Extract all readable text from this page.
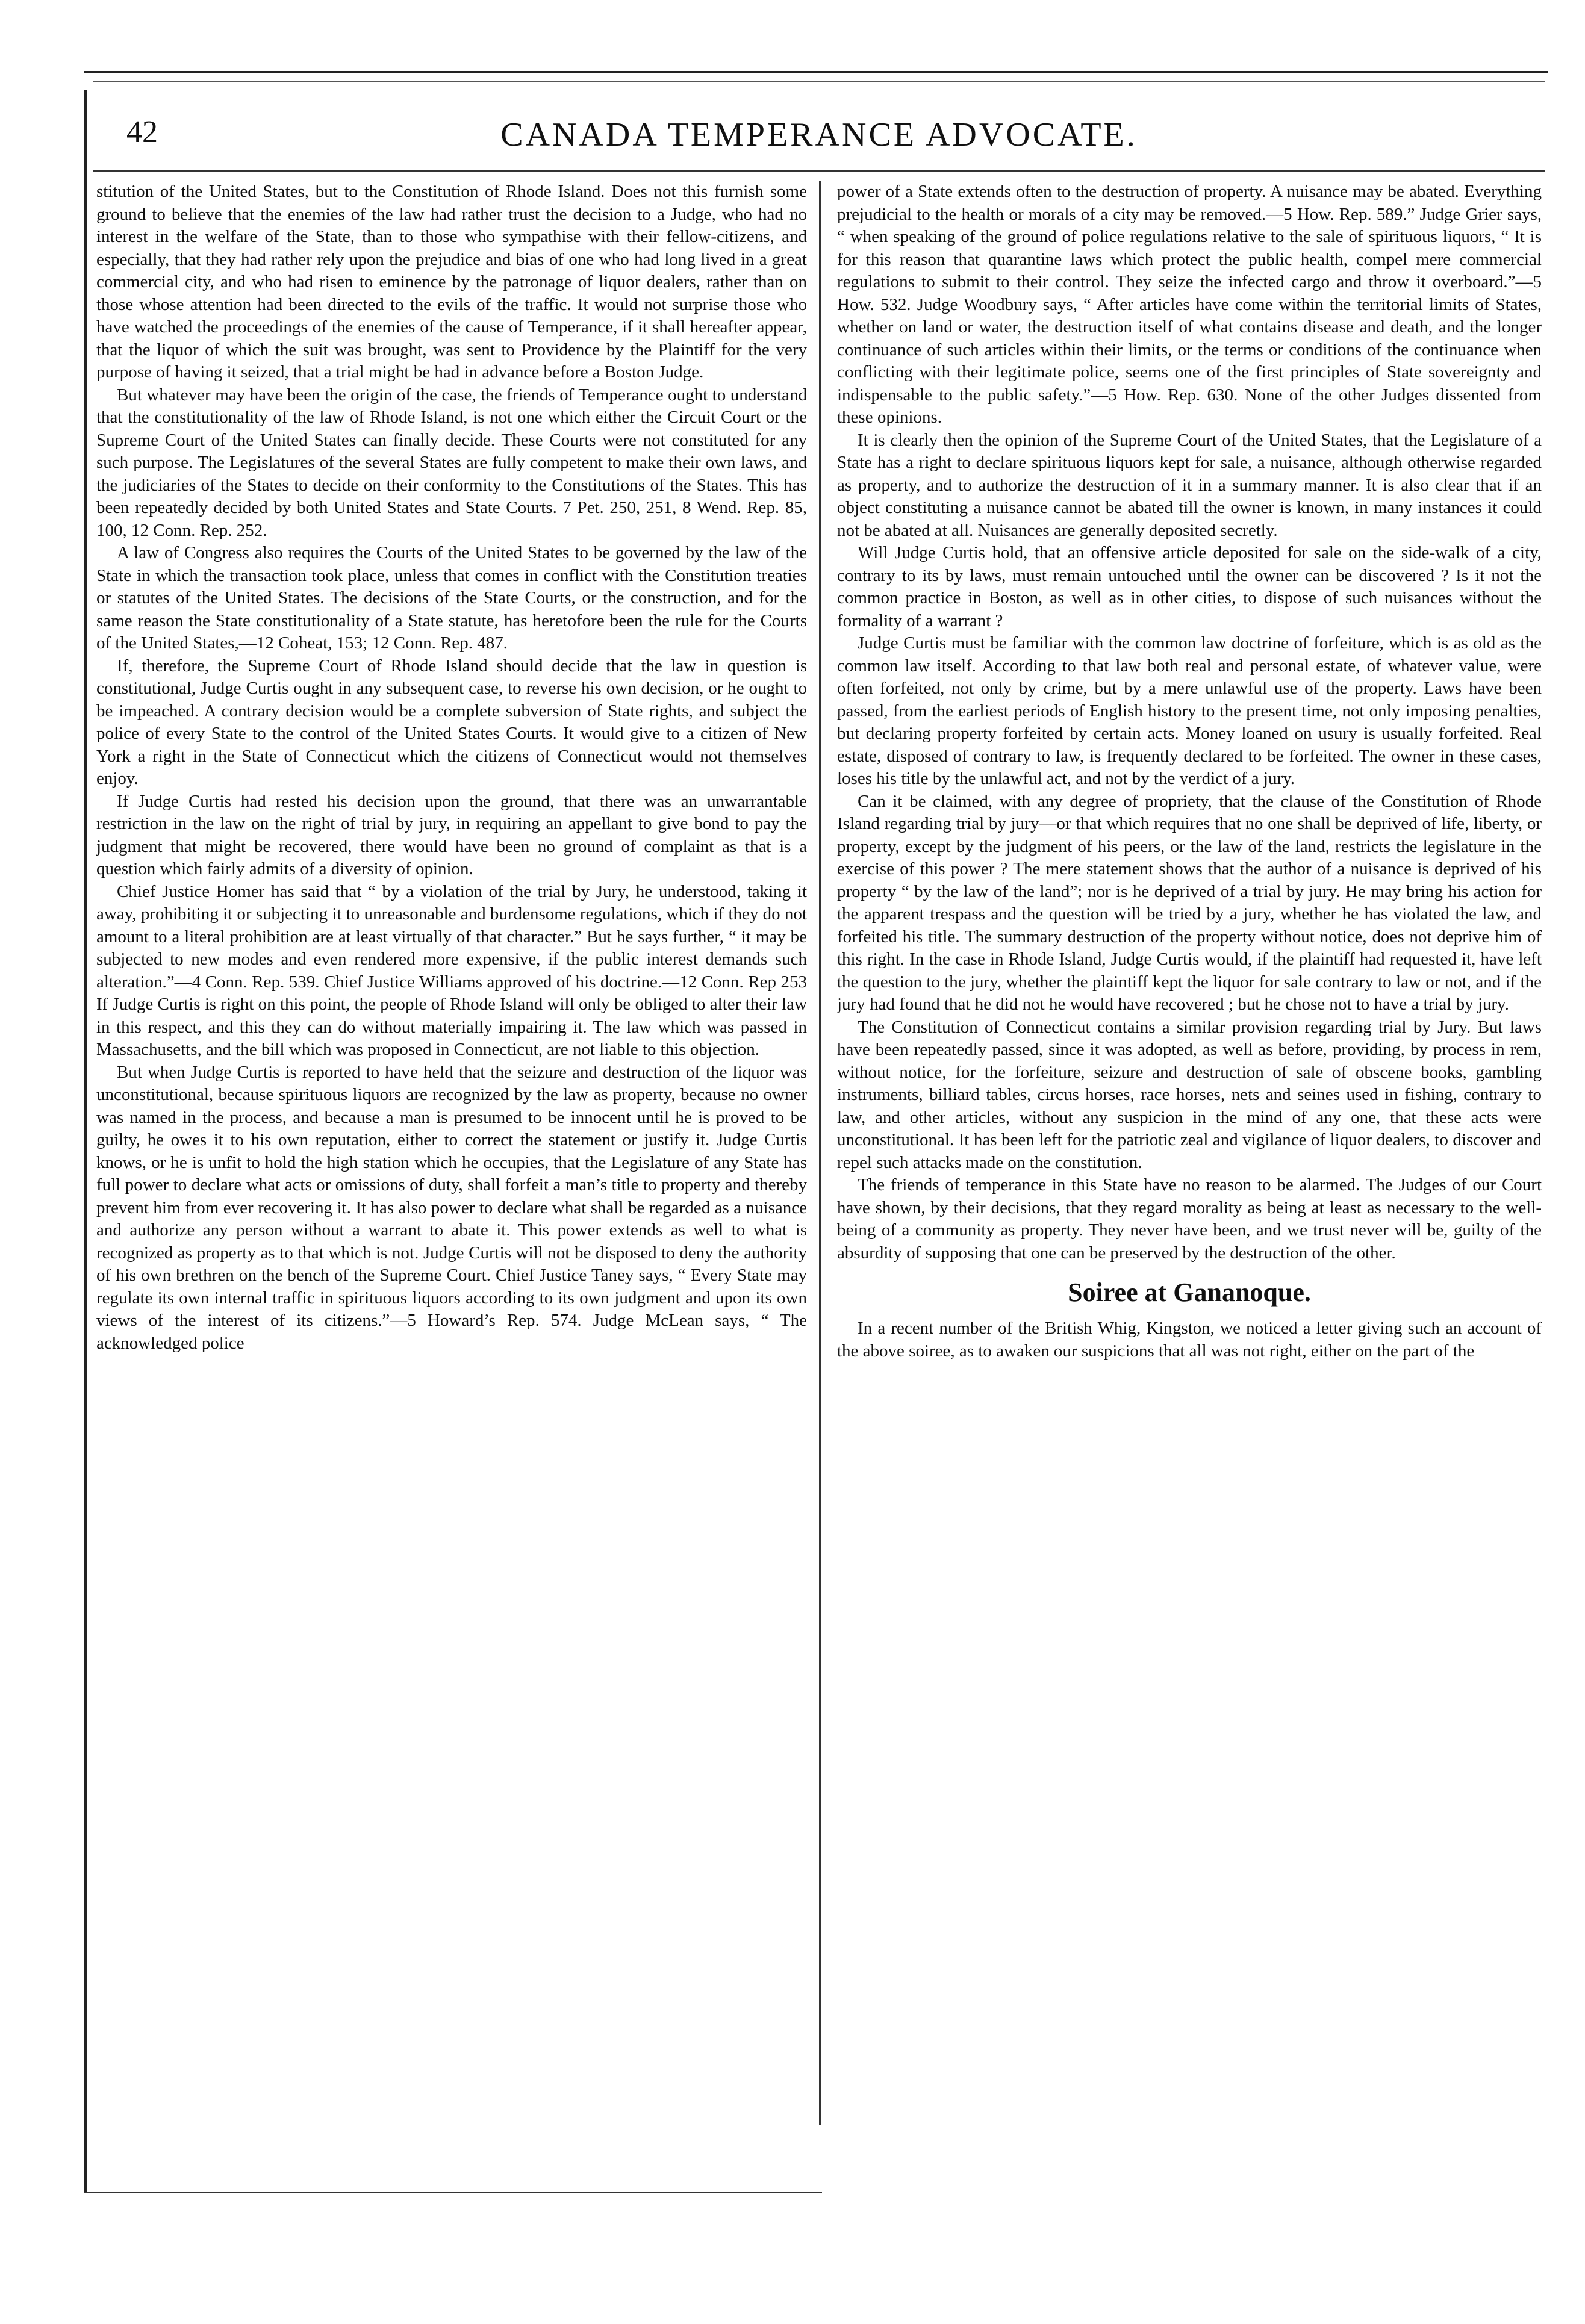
42	CANADA TEMPERANCE ADVOCATE.

stitution of the United States, but to the Constitution of Rhode Island. Does not this furnish some ground to believe that the enemies of the law had rather trust the decision to a Judge, who had no interest in the welfare of the State, than to those who sympathise with their fellow-citizens, and especially, that they had rather rely upon the prejudice and bias of one who had long lived in a great commercial city, and who had risen to eminence by the patronage of liquor dealers, rather than on those whose attention had been directed to the evils of the traffic. It would not surprise those who have watched the proceedings of the enemies of the cause of Temperance, if it shall hereafter appear, that the liquor of which the suit was brought, was sent to Providence by the Plaintiff for the very purpose of having it seized, that a trial might be had in advance before a Boston Judge.

But whatever may have been the origin of the case, the friends of Temperance ought to understand that the constitutionality of the law of Rhode Island, is not one which either the Circuit Court or the Supreme Court of the United States can finally decide. These Courts were not constituted for any such purpose. The Legislatures of the several States are fully competent to make their own laws, and the judiciaries of the States to decide on their conformity to the Constitutions of the States. This has been repeatedly decided by both United States and State Courts. 7 Pet. 250, 251, 8 Wend. Rep. 85, 100, 12 Conn. Rep. 252.

A law of Congress also requires the Courts of the United States to be governed by the law of the State in which the transaction took place, unless that comes in conflict with the Constitution treaties or statutes of the United States. The decisions of the State Courts, or the construction, and for the same reason the State constitutionality of a State statute, has heretofore been the rule for the Courts of the United States,—12 Coheat, 153; 12 Conn. Rep. 487.

If, therefore, the Supreme Court of Rhode Island should decide that the law in question is constitutional, Judge Curtis ought in any subsequent case, to reverse his own decision, or he ought to be impeached. A contrary decision would be a complete subversion of State rights, and subject the police of every State to the control of the United States Courts. It would give to a citizen of New York a right in the State of Connecticut which the citizens of Connecticut would not themselves enjoy.

If Judge Curtis had rested his decision upon the ground, that there was an unwarrantable restriction in the law on the right of trial by jury, in requiring an appellant to give bond to pay the judgment that might be recovered, there would have been no ground of complaint as that is a question which fairly admits of a diversity of opinion.

Chief Justice Homer has said that “ by a violation of the trial by Jury, he understood, taking it away, prohibiting it or subjecting it to unreasonable and burdensome regulations, which if they do not amount to a literal prohibition are at least virtually of that character.” But he says further, “ it may be subjected to new modes and even rendered more expensive, if the public interest demands such alteration.”—4 Conn. Rep. 539. Chief Justice Williams approved of his doctrine.—12 Conn. Rep 253 If Judge Curtis is right on this point, the people of Rhode Island will only be obliged to alter their law in this respect, and this they can do without materially impairing it. The law which was passed in Massachusetts, and the bill which was proposed in Connecticut, are not liable to this objection.

But when Judge Curtis is reported to have held that the seizure and destruction of the liquor was unconstitutional, because spirituous liquors are recognized by the law as property, because no owner was named in the process, and because a man is presumed to be innocent until he is proved to be guilty, he owes it to his own reputation, either to correct the statement or justify it. Judge Curtis knows, or he is unfit to hold the high station which he occupies, that the Legislature of any State has full power to declare what acts or omissions of duty, shall forfeit a man’s title to property and thereby prevent him from ever recovering it. It has also power to declare what shall be regarded as a nuisance and authorize any person without a warrant to abate it. This power extends as well to what is recognized as property as to that which is not. Judge Curtis will not be disposed to deny the authority of his own brethren on the bench of the Supreme Court. Chief Justice Taney says, “ Every State may regulate its own internal traffic in spirituous liquors according to its own judgment and upon its own views of the interest of its citizens.”—5 Howard’s Rep. 574. Judge McLean says, “ The acknowledged police

power of a State extends often to the destruction of property. A nuisance may be abated. Everything prejudicial to the health or morals of a city may be removed.—5 How. Rep. 589.” Judge Grier says, “ when speaking of the ground of police regulations relative to the sale of spirituous liquors, “ It is for this reason that quarantine laws which protect the public health, compel mere commercial regulations to submit to their control. They seize the infected cargo and throw it overboard.”—5 How. 532. Judge Woodbury says, “ After articles have come within the territorial limits of States, whether on land or water, the destruction itself of what contains disease and death, and the longer continuance of such articles within their limits, or the terms or conditions of the continuance when conflicting with their legitimate police, seems one of the first principles of State sovereignty and indispensable to the public safety.”—5 How. Rep. 630. None of the other Judges dissented from these opinions.

It is clearly then the opinion of the Supreme Court of the United States, that the Legislature of a State has a right to declare spirituous liquors kept for sale, a nuisance, although otherwise regarded as property, and to authorize the destruction of it in a summary manner. It is also clear that if an object constituting a nuisance cannot be abated till the owner is known, in many instances it could not be abated at all. Nuisances are generally deposited secretly.

Will Judge Curtis hold, that an offensive article deposited for sale on the side-walk of a city, contrary to its by laws, must remain untouched until the owner can be discovered ? Is it not the common practice in Boston, as well as in other cities, to dispose of such nuisances without the formality of a warrant ?

Judge Curtis must be familiar with the common law doctrine of forfeiture, which is as old as the common law itself. According to that law both real and personal estate, of whatever value, were often forfeited, not only by crime, but by a mere unlawful use of the property. Laws have been passed, from the earliest periods of English history to the present time, not only imposing penalties, but declaring property forfeited by certain acts. Money loaned on usury is usually forfeited. Real estate, disposed of contrary to law, is frequently declared to be forfeited. The owner in these cases, loses his title by the unlawful act, and not by the verdict of a jury.

Can it be claimed, with any degree of propriety, that the clause of the Constitution of Rhode Island regarding trial by jury—or that which requires that no one shall be deprived of life, liberty, or property, except by the judgment of his peers, or the law of the land, restricts the legislature in the exercise of this power ? The mere statement shows that the author of a nuisance is deprived of his property “ by the law of the land”; nor is he deprived of a trial by jury. He may bring his action for the apparent trespass and the question will be tried by a jury, whether he has violated the law, and forfeited his title. The summary destruction of the property without notice, does not deprive him of this right. In the case in Rhode Island, Judge Curtis would, if the plaintiff had requested it, have left the question to the jury, whether the plaintiff kept the liquor for sale contrary to law or not, and if the jury had found that he did not he would have recovered ; but he chose not to have a trial by jury.

The Constitution of Connecticut contains a similar provision regarding trial by Jury. But laws have been repeatedly passed, since it was adopted, as well as before, providing, by process in rem, without notice, for the forfeiture, seizure and destruction of sale of obscene books, gambling instruments, billiard tables, circus horses, race horses, nets and seines used in fishing, contrary to law, and other articles, without any suspicion in the mind of any one, that these acts were unconstitutional. It has been left for the patriotic zeal and vigilance of liquor dealers, to discover and repel such attacks made on the constitution.

The friends of temperance in this State have no reason to be alarmed. The Judges of our Court have shown, by their decisions, that they regard morality as being at least as necessary to the well-being of a community as property. They never have been, and we trust never will be, guilty of the absurdity of supposing that one can be preserved by the destruction of the other.

Soiree at Gananoque.

In a recent number of the British Whig, Kingston, we noticed a letter giving such an account of the above soiree, as to awaken our suspicions that all was not right, either on the part of the
